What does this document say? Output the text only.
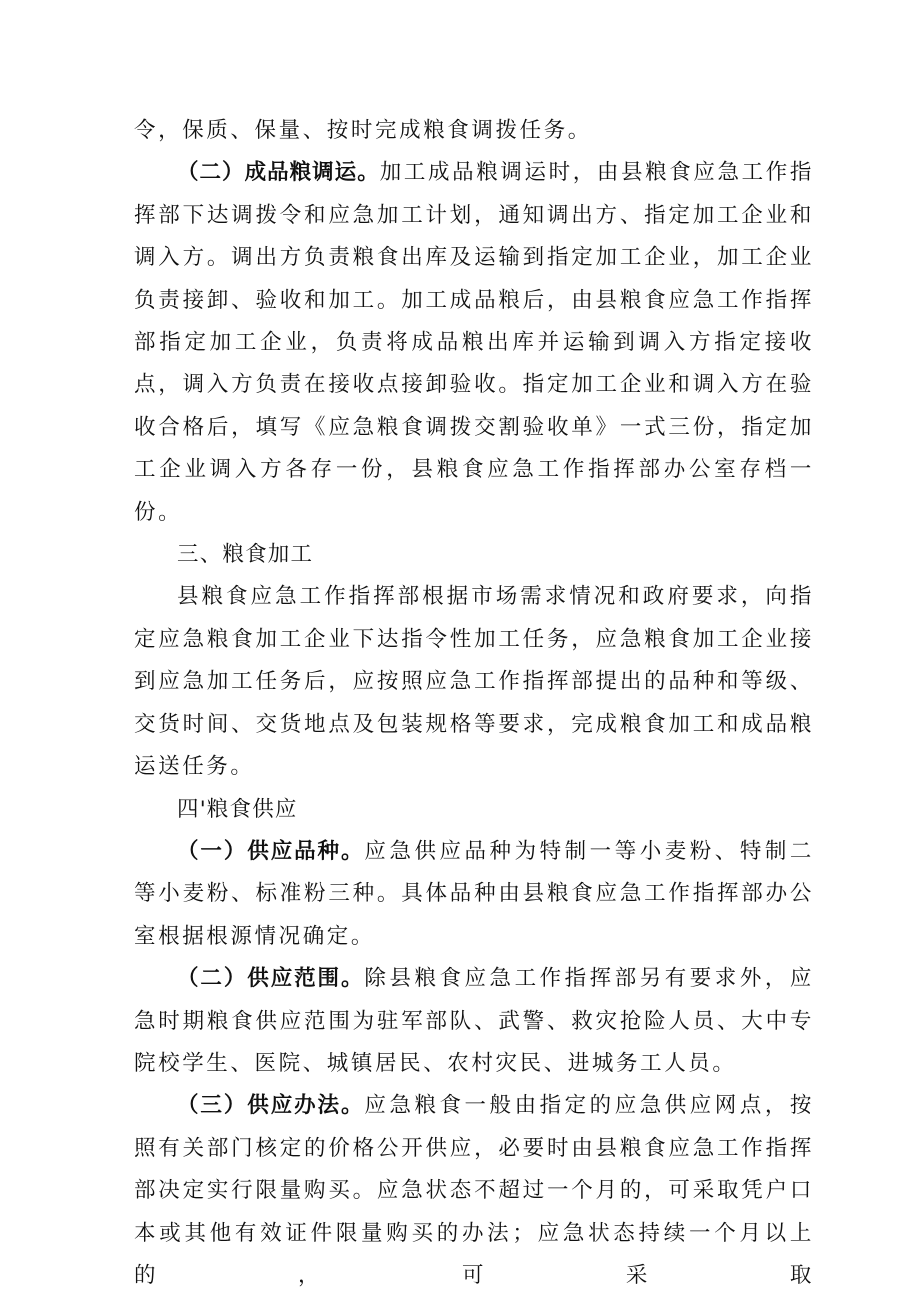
令，保质、保量、按时完成粮食调拨任务。

（二）成品粮调运。加工成品粮调运时，由县粮食应急工作指挥部下达调拨令和应急加工计划，通知调出方、指定加工企业和调入方。调出方负责粮食出库及运输到指定加工企业，加工企业负责接卸、验收和加工。加工成品粮后，由县粮食应急工作指挥部指定加工企业，负责将成品粮出库并运输到调入方指定接收点，调入方负责在接收点接卸验收。指定加工企业和调入方在验收合格后，填写《应急粮食调拨交割验收单》一式三份，指定加工企业调入方各存一份，县粮食应急工作指挥部办公室存档一份。

三、粮食加工

县粮食应急工作指挥部根据市场需求情况和政府要求，向指定应急粮食加工企业下达指令性加工任务，应急粮食加工企业接到应急加工任务后，应按照应急工作指挥部提出的品种和等级、交货时间、交货地点及包装规格等要求，完成粮食加工和成品粮运送任务。

四'粮食供应

（一）供应品种。应急供应品种为特制一等小麦粉、特制二等小麦粉、标准粉三种。具体品种由县粮食应急工作指挥部办公室根据根源情况确定。

（二）供应范围。除县粮食应急工作指挥部另有要求外，应急时期粮食供应范围为驻军部队、武警、救灾抢险人员、大中专院校学生、医院、城镇居民、农村灾民、进城务工人员。

（三）供应办法。应急粮食一般由指定的应急供应网点，按照有关部门核定的价格公开供应，必要时由县粮食应急工作指挥部决定实行限量购买。应急状态不超过一个月的，可采取凭户口本或其他有效证件限量购买的办法；应急状态持续一个月以上的，可采取
